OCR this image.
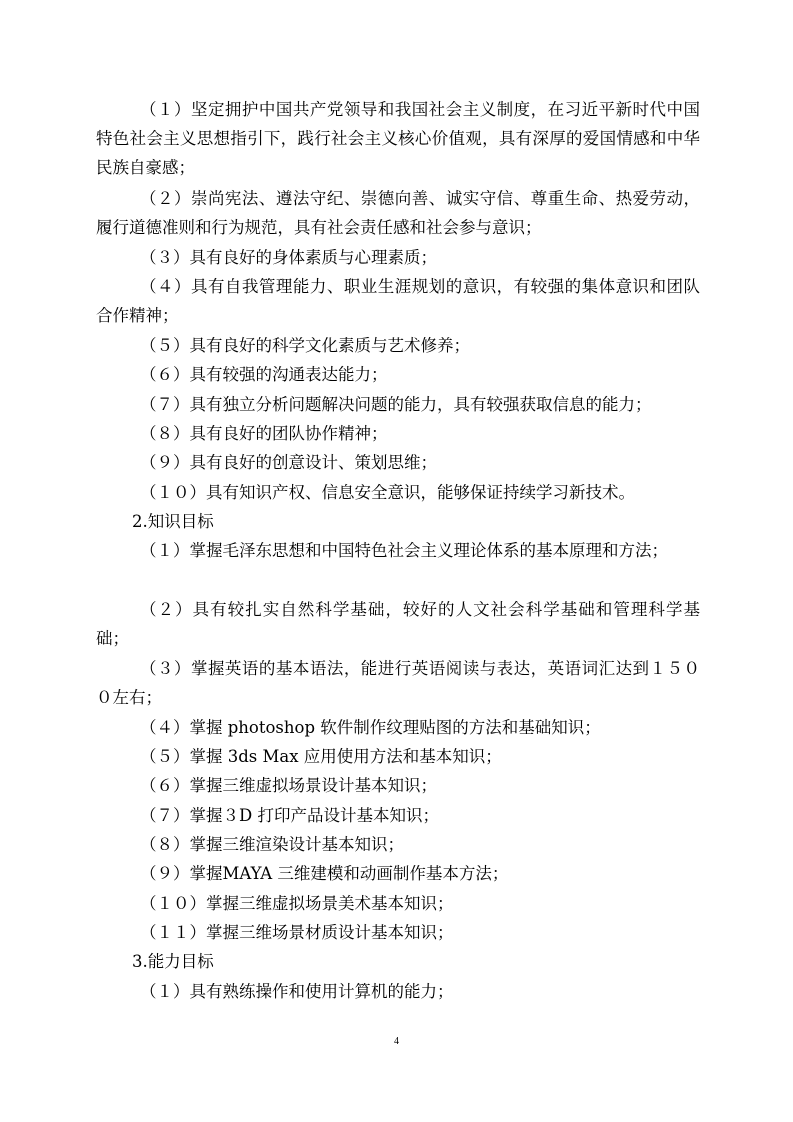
（１）坚定拥护中国共产党领导和我国社会主义制度，在习近平新时代中国特色社会主义思想指引下，践行社会主义核心价值观，具有深厚的爱国情感和中华民族自豪感；

（２）崇尚宪法、遵法守纪、崇德向善、诚实守信、尊重生命、热爱劳动，履行道德准则和行为规范，具有社会责任感和社会参与意识；

（３）具有良好的身体素质与心理素质；

（４）具有自我管理能力、职业生涯规划的意识，有较强的集体意识和团队合作精神；

（５）具有良好的科学文化素质与艺术修养；

（６）具有较强的沟通表达能力；

（７）具有独立分析问题解决问题的能力，具有较强获取信息的能力；

（８）具有良好的团队协作精神；

（９）具有良好的创意设计、策划思维；

（１０）具有知识产权、信息安全意识，能够保证持续学习新技术。

2.知识目标

（１）掌握毛泽东思想和中国特色社会主义理论体系的基本原理和方法；

（２）具有较扎实自然科学基础，较好的人文社会科学基础和管理科学基础；

（３）掌握英语的基本语法，能进行英语阅读与表达，英语词汇达到１５００左右；

（４）掌握 photoshop 软件制作纹理贴图的方法和基础知识；

（５）掌握 3ds Max 应用使用方法和基本知识；

（６）掌握三维虚拟场景设计基本知识；

（７）掌握３D 打印产品设计基本知识；

（８）掌握三维渲染设计基本知识；

（９）掌握MAYA 三维建模和动画制作基本方法；

（１０）掌握三维虚拟场景美术基本知识；

（１１）掌握三维场景材质设计基本知识；

3.能力目标

（１）具有熟练操作和使用计算机的能力；

4
